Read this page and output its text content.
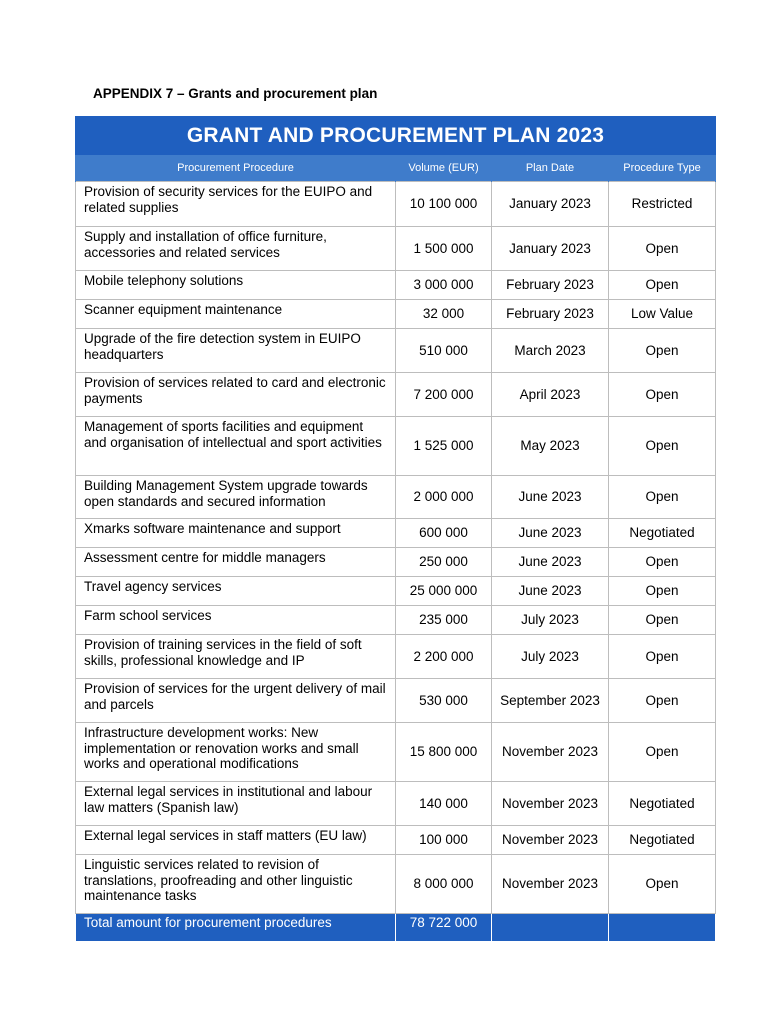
APPENDIX 7 – Grants and procurement plan
GRANT AND PROCUREMENT PLAN 2023			
Procurement Procedure	Volume (EUR)	Plan Date	Procedure Type
Provision of security services for the EUIPO and related supplies	10 100 000	January 2023	Restricted
Supply and installation of office furniture, accessories and related services	1 500 000	January 2023	Open
Mobile telephony solutions	3 000 000	February 2023	Open
Scanner equipment maintenance	32 000	February 2023	Low Value
Upgrade of the fire detection system in EUIPO headquarters	510 000	March 2023	Open
Provision of services related to card and electronic payments	7 200 000	April 2023	Open
Management of sports facilities and equipment and organisation of intellectual and sport activities	1 525 000	May 2023	Open
Building Management System upgrade towards open standards and secured information	2 000 000	June 2023	Open
Xmarks software maintenance and support	600 000	June 2023	Negotiated
Assessment centre for middle managers	250 000	June 2023	Open
Travel agency services	25 000 000	June 2023	Open
Farm school services	235 000	July 2023	Open
Provision of training services in the field of soft skills, professional knowledge and IP	2 200 000	July 2023	Open
Provision of services for the urgent delivery of mail and parcels	530 000	September 2023	Open
Infrastructure development works: New implementation or renovation works and small works and operational modifications	15 800 000	November 2023	Open
External legal services in institutional and labour law matters (Spanish law)	140 000	November 2023	Negotiated
External legal services in staff matters (EU law)	100 000	November 2023	Negotiated
Linguistic services related to revision of translations, proofreading and other linguistic maintenance tasks	8 000 000	November 2023	Open
Total amount for procurement procedures	78 722 000		
